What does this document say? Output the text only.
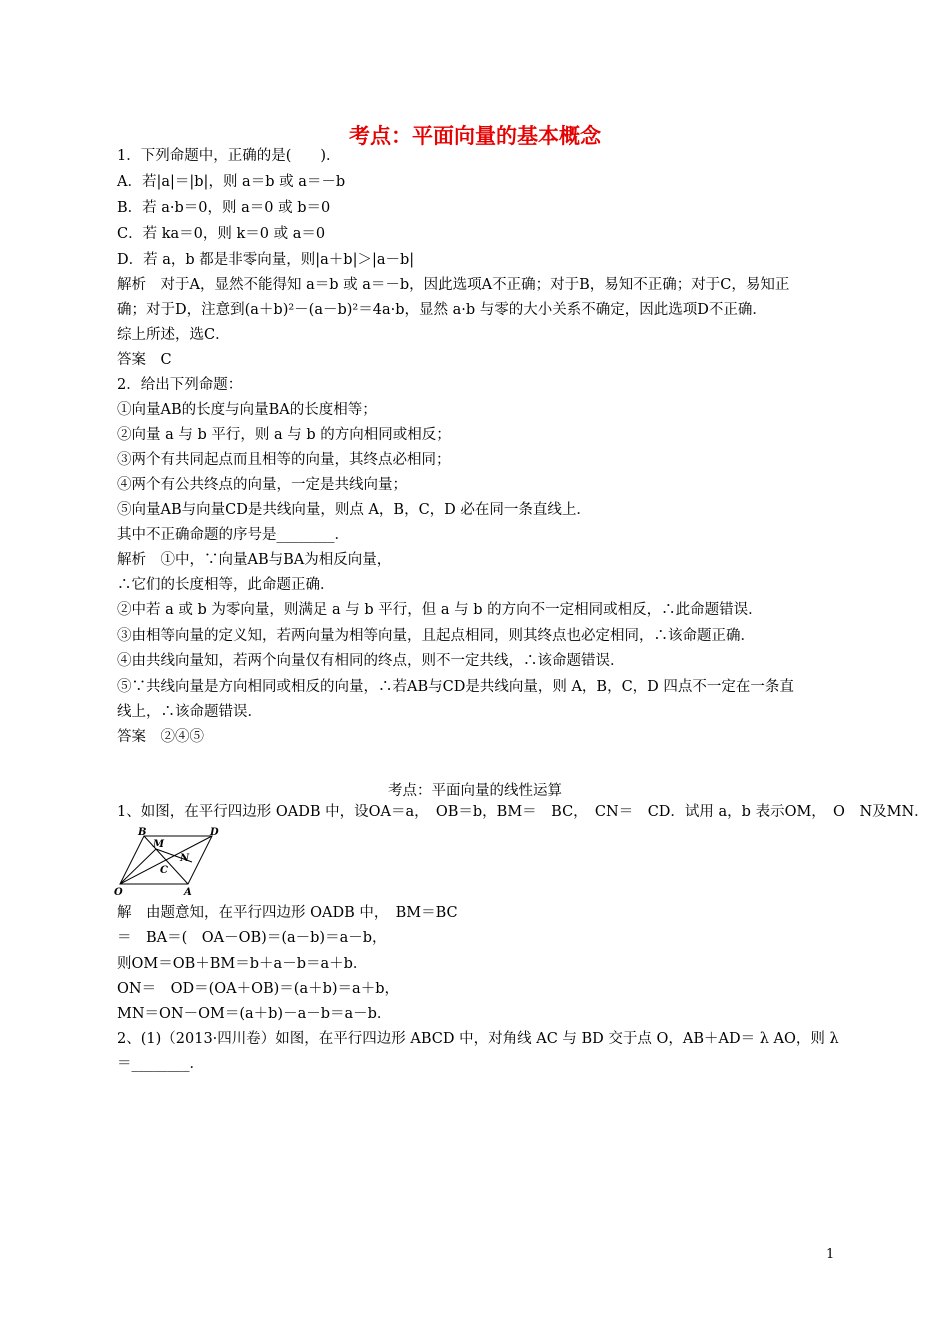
考点：平面向量的基本概念
1．下列命题中，正确的是(　　)．
A．若|a|＝|b|，则 a＝b 或 a＝－b
B．若 a·b＝0，则 a＝0 或 b＝0
C．若 ka＝0，则 k＝0 或 a＝0
D．若 a，b 都是非零向量，则|a＋b|＞|a－b|
解析　对于A，显然不能得知 a＝b 或 a＝－b，因此选项A不正确；对于B，易知不正确；对于C，易知正
确；对于D，注意到(a＋b)²－(a－b)²＝4a·b，显然 a·b 与零的大小关系不确定，因此选项D不正确．
综上所述，选C．
答案　C
2．给出下列命题：
①向量AB的长度与向量BA的长度相等；
②向量 a 与 b 平行，则 a 与 b 的方向相同或相反；
③两个有共同起点而且相等的向量，其终点必相同；
④两个有公共终点的向量，一定是共线向量；
⑤向量AB与向量CD是共线向量，则点 A，B，C，D 必在同一条直线上．
其中不正确命题的序号是________．
解析　①中，∵向量AB与BA为相反向量，
∴它们的长度相等，此命题正确．
②中若 a 或 b 为零向量，则满足 a 与 b 平行，但 a 与 b 的方向不一定相同或相反，∴此命题错误．
③由相等向量的定义知，若两向量为相等向量，且起点相同，则其终点也必定相同，∴该命题正确．
④由共线向量知，若两个向量仅有相同的终点，则不一定共线，∴该命题错误．
⑤∵共线向量是方向相同或相反的向量，∴若AB与CD是共线向量，则 A，B，C，D 四点不一定在一条直
线上，∴该命题错误．
答案　②④⑤
考点：平面向量的线性运算
1、如图，在平行四边形 OADB 中，设OA＝a，　OB＝b，BM＝　BC，　CN＝　CD．试用 a，b 表示OM，　O　N及MN．
B	D
M
N
C
O	A
解　由题意知，在平行四边形 OADB 中，　BM＝BC
＝　BA＝(　OA－OB)＝(a－b)＝a－b，
则OM＝OB＋BM＝b＋a－b＝a＋b．
ON＝　OD＝(OA＋OB)＝(a＋b)＝a＋b，
MN＝ON－OM＝(a＋b)－a－b＝a－b．
2、(1)（2013·四川卷）如图，在平行四边形 ABCD 中，对角线 AC 与 BD 交于点 O，AB＋AD＝ λ AO，则 λ
＝________．
1
